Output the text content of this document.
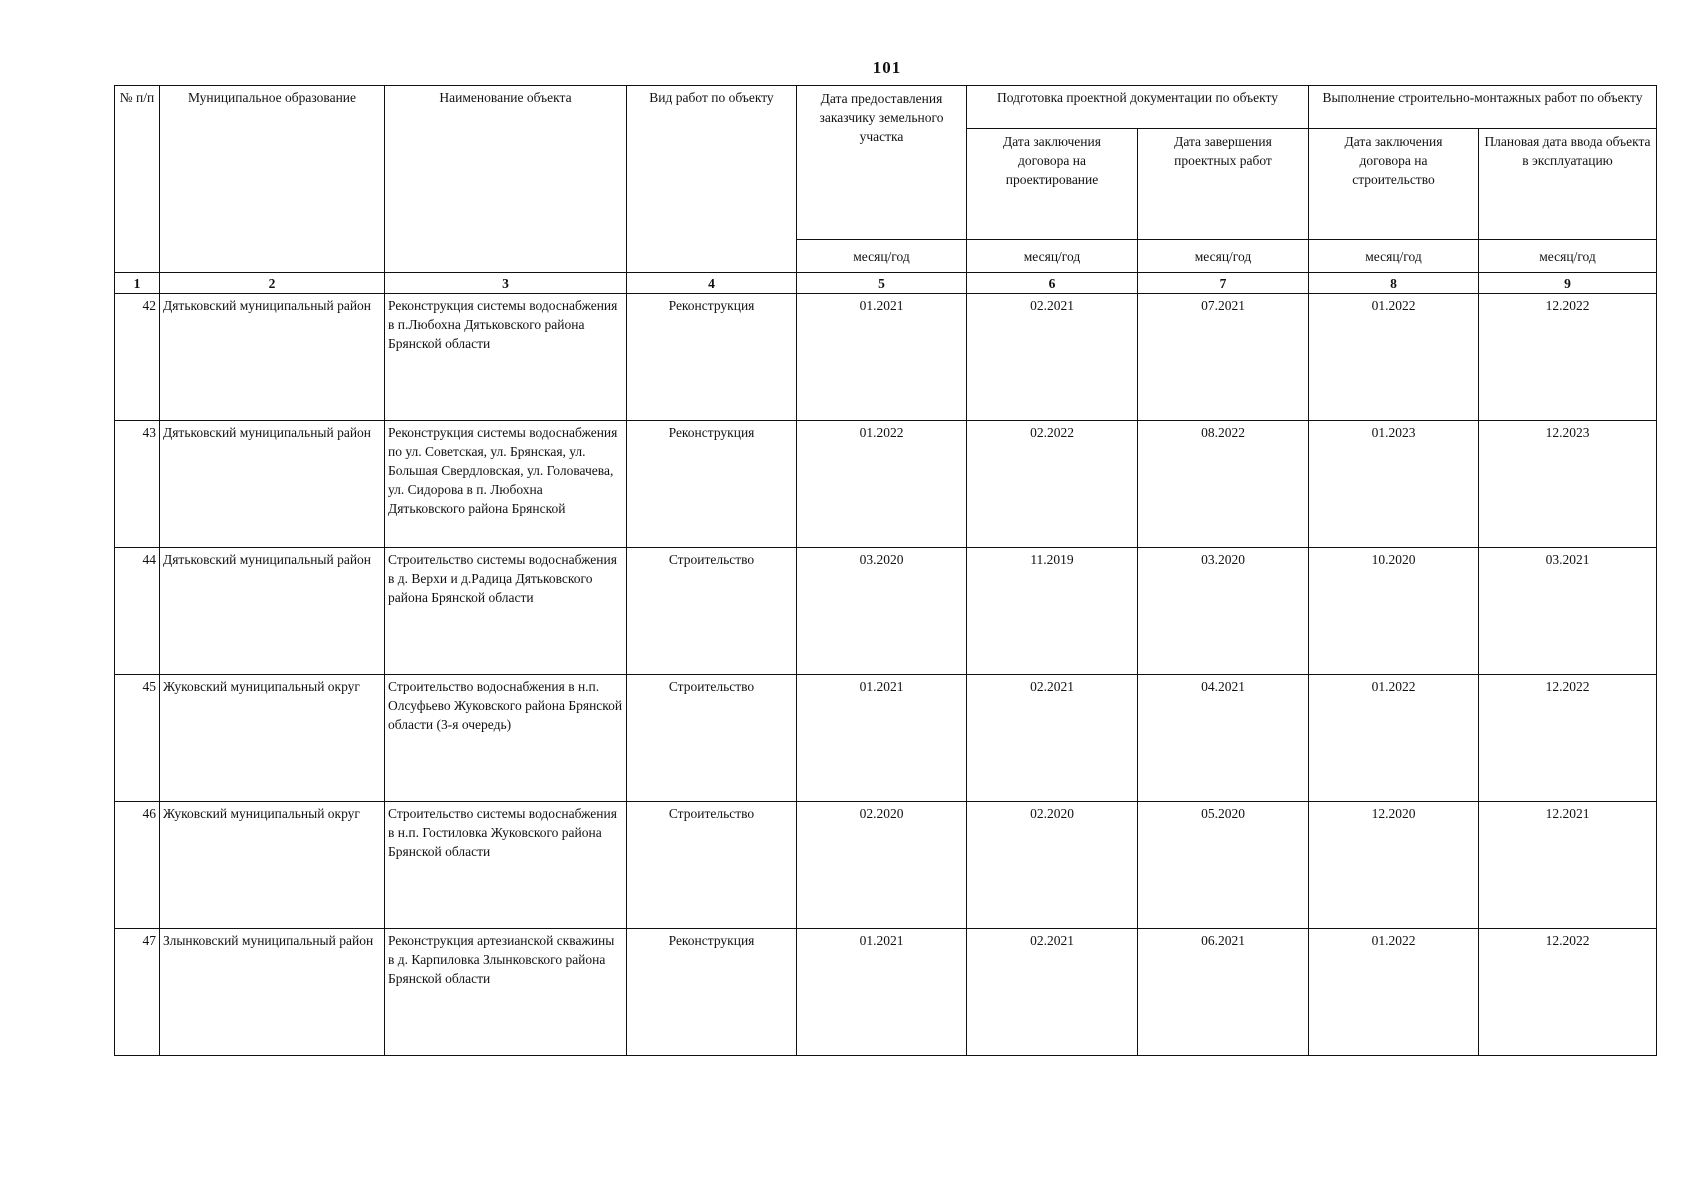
101
№ п/п	Муниципальное образование	Наименование объекта	Вид работ по объекту	Дата предоставления заказчику земельного участка	Подготовка проектной документации по объекту		Выполнение строительно-монтажных работ по объекту	
					Дата заключения договора на проектирование	Дата завершения проектных работ	Дата заключения договора на строительство	Плановая дата ввода объекта в эксплуатацию
				месяц/год	месяц/год	месяц/год	месяц/год	месяц/год
1	2	3	4	5	6	7	8	9
42	Дятьковский муниципальный район	Реконструкция системы водоснабжения в п.Любохна Дятьковского района Брянской области	Реконструкция	01.2021	02.2021	07.2021	01.2022	12.2022
43	Дятьковский муниципальный район	Реконструкция системы водоснабжения по ул. Советская, ул. Брянская, ул. Большая Свердловская, ул. Головачева, ул. Сидорова в п. Любохна Дятьковского района Брянской	Реконструкция	01.2022	02.2022	08.2022	01.2023	12.2023
44	Дятьковский муниципальный район	Строительство системы водоснабжения в д. Верхи и д.Радица Дятьковского района Брянской области	Строительство	03.2020	11.2019	03.2020	10.2020	03.2021
45	Жуковский муниципальный округ	Строительство водоснабжения в н.п. Олсуфьево Жуковского района Брянской области (3-я очередь)	Строительство	01.2021	02.2021	04.2021	01.2022	12.2022
46	Жуковский муниципальный округ	Строительство системы водоснабжения в н.п. Гостиловка Жуковского района Брянской области	Строительство	02.2020	02.2020	05.2020	12.2020	12.2021
47	Злынковский муниципальный район	Реконструкция артезианской скважины в д. Карпиловка Злынковского района Брянской области	Реконструкция	01.2021	02.2021	06.2021	01.2022	12.2022
